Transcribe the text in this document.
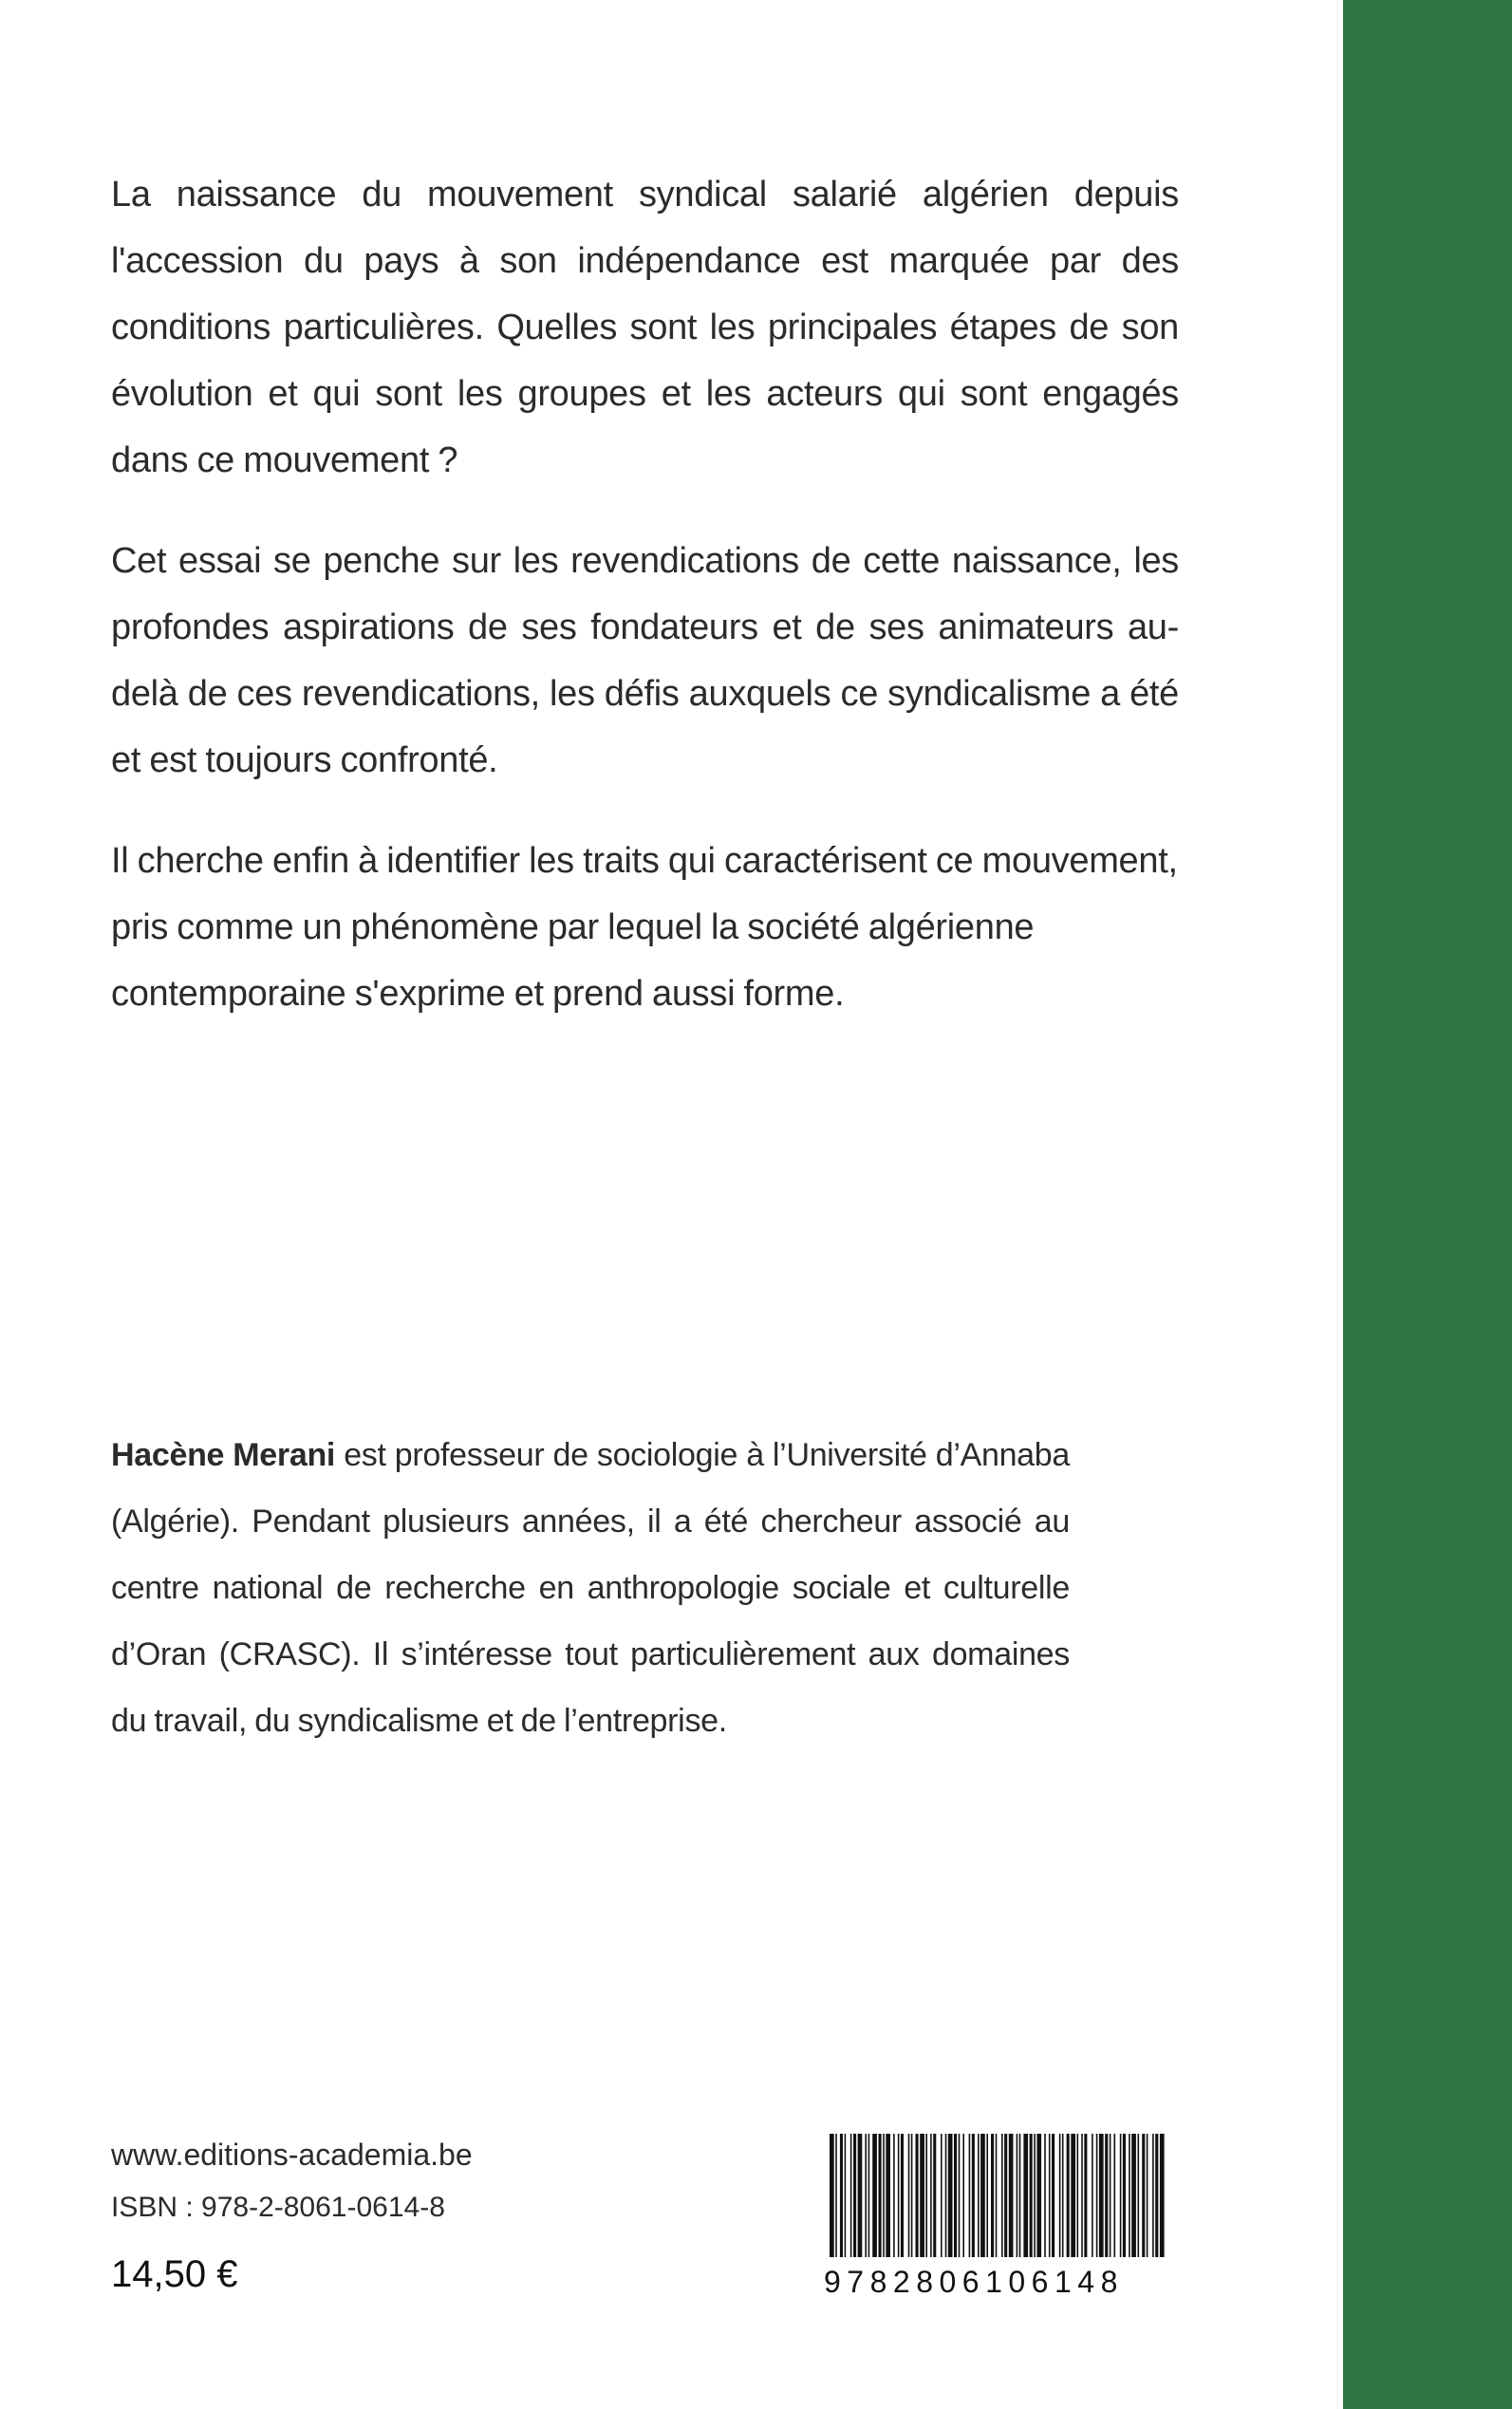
La naissance du mouvement syndical salarié algérien depuis l'accession du pays à son indépendance est marquée par des conditions particulières. Quelles sont les principales étapes de son évolution et qui sont les groupes et les acteurs qui sont engagés dans ce mouvement ?

Cet essai se penche sur les revendications de cette naissance, les profondes aspirations de ses fondateurs et de ses animateurs au-delà de ces revendications, les défis auxquels ce syndicalisme a été et est toujours confronté.

Il cherche enfin à identifier les traits qui caractérisent ce mouvement, pris comme un phénomène par lequel la société algérienne contemporaine s'exprime et prend aussi forme.

Hacène Merani est professeur de sociologie à l’Université d’Annaba (Algérie). Pendant plusieurs années, il a été chercheur associé au centre national de recherche en anthropologie sociale et culturelle d’Oran (CRASC). Il s’intéresse tout particulièrement aux domaines du travail, du syndicalisme et de l’entreprise.
www.editions-academia.be
ISBN : 978-2-8061-0614-8
14,50 €	9782806106148
